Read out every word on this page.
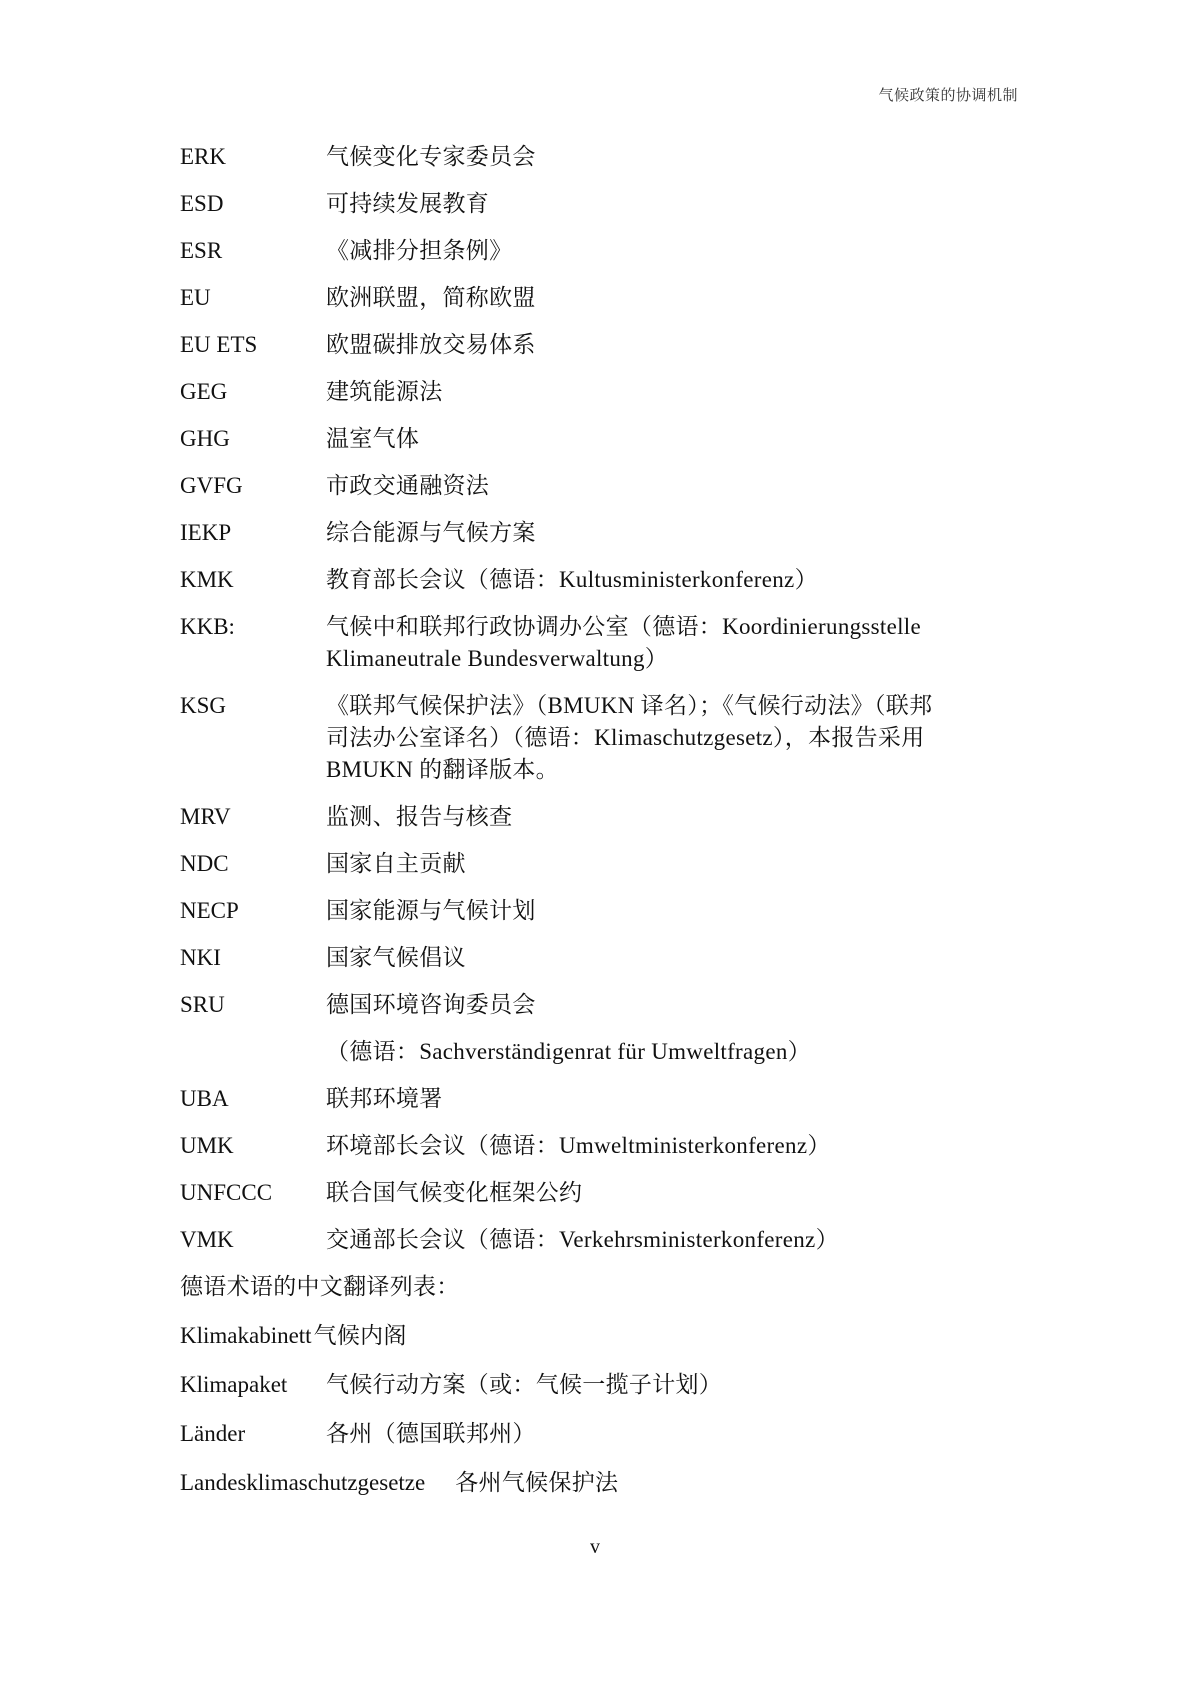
气候政策的协调机制
ERK	气候变化专家委员会
ESD	可持续发展教育
ESR	《减排分担条例》
EU	欧洲联盟，简称欧盟
EU ETS	欧盟碳排放交易体系
GEG	建筑能源法
GHG	温室气体
GVFG	市政交通融资法
IEKP	综合能源与气候方案
KMK	教育部长会议（德语：Kultusministerkonferenz）
KKB:	气候中和联邦行政协调办公室（德语：Koordinierungsstelle
Klimaneutrale Bundesverwaltung）
KSG	《联邦气候保护法》（BMUKN 译名）；《气候行动法》（联邦
司法办公室译名）（德语：Klimaschutzgesetz），本报告采用
BMUKN 的翻译版本。
MRV	监测、报告与核查
NDC	国家自主贡献
NECP	国家能源与气候计划
NKI	国家气候倡议
SRU	德国环境咨询委员会
（德语：Sachverständigenrat für Umweltfragen）
UBA	联邦环境署
UMK	环境部长会议（德语：Umweltministerkonferenz）
UNFCCC	联合国气候变化框架公约
VMK	交通部长会议（德语：Verkehrsministerkonferenz）
德语术语的中文翻译列表：
Klimakabinett 气候内阁
Klimapaket	气候行动方案（或：气候一揽子计划）
Länder	各州（德国联邦州）
Landesklimaschutzgesetze	各州气候保护法
v
